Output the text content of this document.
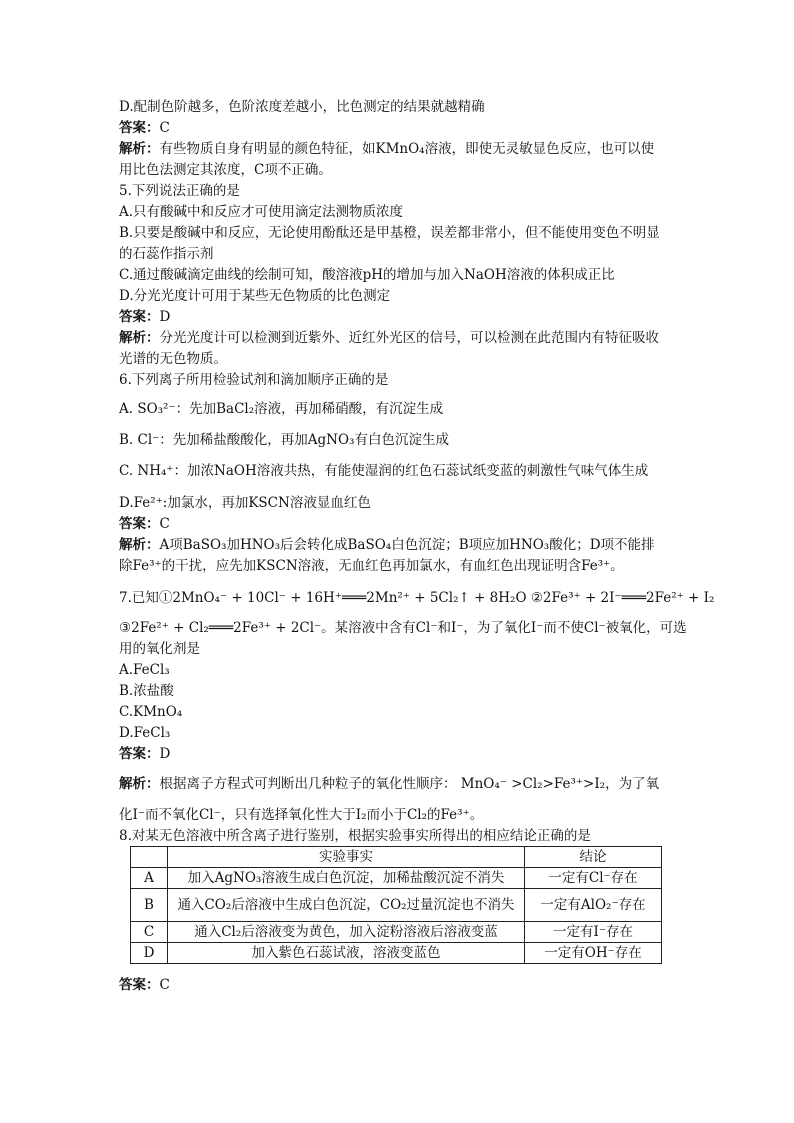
D.配制色阶越多，色阶浓度差越小，比色测定的结果就越精确
答案：C
解析：有些物质自身有明显的颜色特征，如KMnO₄溶液，即使无灵敏显色反应，也可以使
用比色法测定其浓度，C项不正确。
5.下列说法正确的是
A.只有酸碱中和反应才可使用滴定法测物质浓度
B.只要是酸碱中和反应，无论使用酚酞还是甲基橙，误差都非常小，但不能使用变色不明显
的石蕊作指示剂
C.通过酸碱滴定曲线的绘制可知，酸溶液pH的增加与加入NaOH溶液的体积成正比
D.分光光度计可用于某些无色物质的比色测定
答案：D
解析：分光光度计可以检测到近紫外、近红外光区的信号，可以检测在此范围内有特征吸收
光谱的无色物质。
6.下列离子所用检验试剂和滴加顺序正确的是
A. SO₃²⁻：先加BaCl₂溶液，再加稀硝酸，有沉淀生成
B. Cl⁻：先加稀盐酸酸化，再加AgNO₃有白色沉淀生成
C. NH₄⁺：加浓NaOH溶液共热，有能使湿润的红色石蕊试纸变蓝的刺激性气味气体生成
D.Fe²⁺:加氯水，再加KSCN溶液显血红色
答案：C
解析：A项BaSO₃加HNO₃后会转化成BaSO₄白色沉淀；B项应加HNO₃酸化；D项不能排
除Fe³⁺的干扰，应先加KSCN溶液，无血红色再加氯水，有血红色出现证明含Fe³⁺。
7.已知①2MnO₄⁻ + 10Cl⁻ + 16H⁺═══2Mn²⁺ + 5Cl₂↑ + 8H₂O ②2Fe³⁺ + 2I⁻═══2Fe²⁺ + I₂
③2Fe²⁺ + Cl₂═══2Fe³⁺ + 2Cl⁻。某溶液中含有Cl⁻和I⁻，为了氧化I⁻而不使Cl⁻被氧化，可选
用的氧化剂是
A.FeCl₃
B.浓盐酸
C.KMnO₄
D.FeCl₃
答案：D
解析：根据离子方程式可判断出几种粒子的氧化性顺序： MnO₄⁻ >Cl₂>Fe³⁺>I₂，为了氧
化I⁻而不氧化Cl⁻，只有选择氧化性大于I₂而小于Cl₂的Fe³⁺。
8.对某无色溶液中所含离子进行鉴别，根据实验事实所得出的相应结论正确的是
	实验事实	结论
A	加入AgNO₃溶液生成白色沉淀，加稀盐酸沉淀不消失	一定有Cl⁻存在
B	通入CO₂后溶液中生成白色沉淀，CO₂过量沉淀也不消失	一定有AlO₂⁻存在
C	通入Cl₂后溶液变为黄色，加入淀粉溶液后溶液变蓝	一定有I⁻存在
D	加入紫色石蕊试液，溶液变蓝色	一定有OH⁻存在
答案：C
